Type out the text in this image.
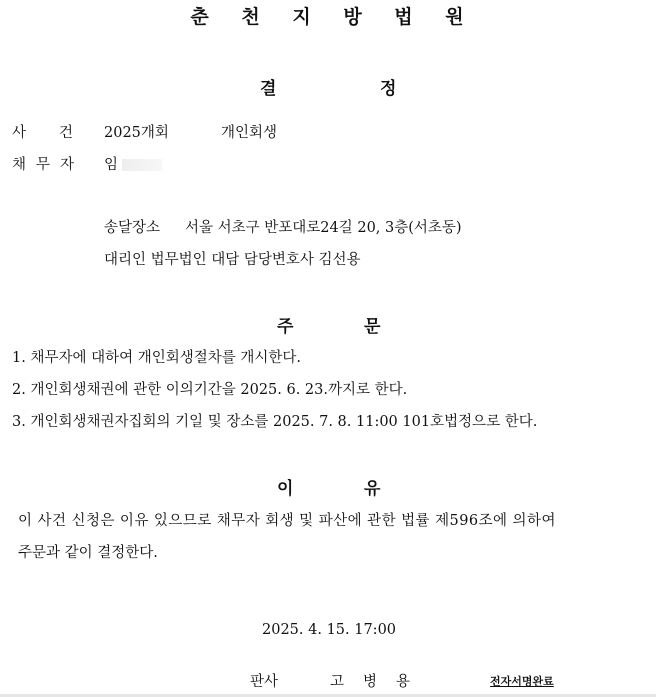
춘 천 지 방 법 원
결	정
사 건 2025개회	개인회생
채 무 자 임
송달장소 서울 서초구 반포대로24길 20, 3층(서초동)
대리인 법무법인 대담 담당변호사 김선용
주	문
1. 채무자에 대하여 개인회생절차를 개시한다.
2. 개인회생채권에 관한 이의기간을 2025. 6. 23.까지로 한다.
3. 개인회생채권자집회의 기일 및 장소를 2025. 7. 8. 11:00 101호법정으로 한다.
이	유
이 사건 신청은 이유 있으므로 채무자 회생 및 파산에 관한 법률 제596조에 의하여
주문과 같이 결정한다.
2025. 4. 15. 17:00
판사	고 병 용	전자서명완료
